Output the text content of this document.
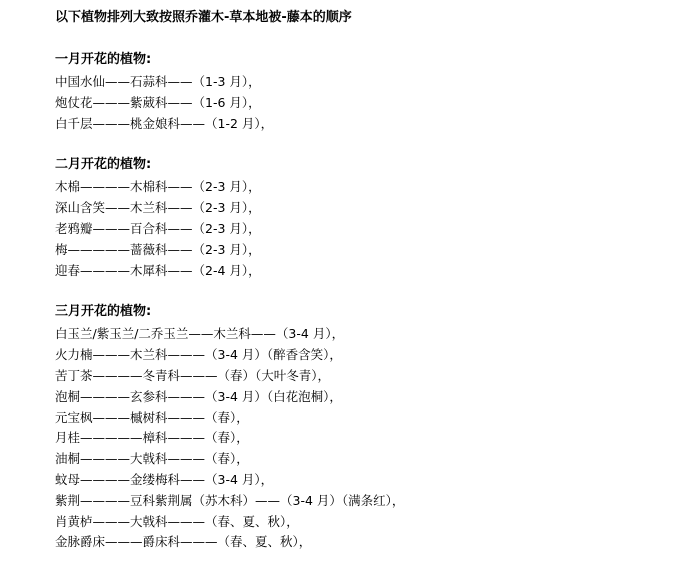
以下植物排列大致按照乔灌木-草本地被-藤本的顺序
一月开花的植物:
中国水仙——石蒜科——（1-3 月），
炮仗花———紫葳科——（1-6 月），
白千层———桃金娘科——（1-2 月），
二月开花的植物:
木棉————木棉科——（2-3 月），
深山含笑——木兰科——（2-3 月），
老鸦瓣———百合科——（2-3 月），
梅—————蔷薇科——（2-3 月），
迎春————木犀科——（2-4 月），
三月开花的植物:
白玉兰/紫玉兰/二乔玉兰——木兰科——（3-4 月），
火力楠———木兰科———（3-4 月）（醉香含笑），
苦丁茶————冬青科———（春）（大叶冬青），
泡桐————玄参科———（3-4 月）（白花泡桐），
元宝枫———槭树科———（春），
月桂—————樟科———（春），
油桐————大戟科———（春），
蚊母————金缕梅科——（3-4 月），
紫荆————豆科紫荆属（苏木科）——（3-4 月）（满条红），
肖黄栌———大戟科———（春、夏、秋），
金脉爵床———爵床科———（春、夏、秋），
